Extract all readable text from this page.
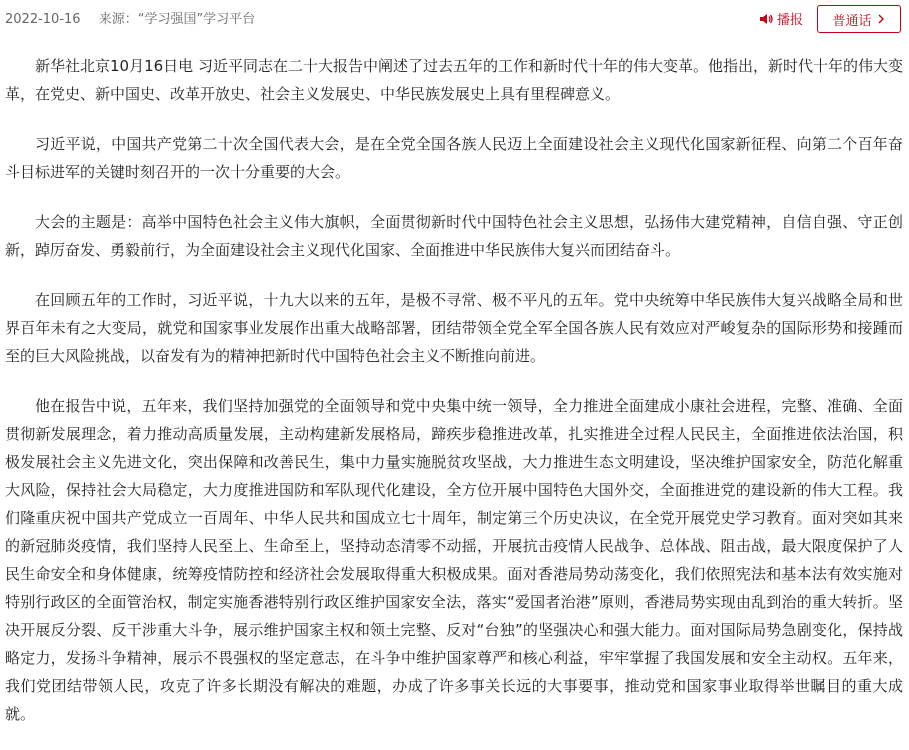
2022-10-16 来源：“学习强国”学习平台	播报 普通话

新华社北京10月16日电 习近平同志在二十大报告中阐述了过去五年的工作和新时代十年的伟大变革。他指出，新时代十年的伟大变革，在党史、新中国史、改革开放史、社会主义发展史、中华民族发展史上具有里程碑意义。

习近平说，中国共产党第二十次全国代表大会，是在全党全国各族人民迈上全面建设社会主义现代化国家新征程、向第二个百年奋斗目标进军的关键时刻召开的一次十分重要的大会。

大会的主题是：高举中国特色社会主义伟大旗帜，全面贯彻新时代中国特色社会主义思想，弘扬伟大建党精神，自信自强、守正创新，踔厉奋发、勇毅前行，为全面建设社会主义现代化国家、全面推进中华民族伟大复兴而团结奋斗。

在回顾五年的工作时，习近平说，十九大以来的五年，是极不寻常、极不平凡的五年。党中央统筹中华民族伟大复兴战略全局和世界百年未有之大变局，就党和国家事业发展作出重大战略部署，团结带领全党全军全国各族人民有效应对严峻复杂的国际形势和接踵而至的巨大风险挑战，以奋发有为的精神把新时代中国特色社会主义不断推向前进。

他在报告中说，五年来，我们坚持加强党的全面领导和党中央集中统一领导，全力推进全面建成小康社会进程，完整、准确、全面贯彻新发展理念，着力推动高质量发展，主动构建新发展格局，蹄疾步稳推进改革，扎实推进全过程人民民主，全面推进依法治国，积极发展社会主义先进文化，突出保障和改善民生，集中力量实施脱贫攻坚战，大力推进生态文明建设，坚决维护国家安全，防范化解重大风险，保持社会大局稳定，大力度推进国防和军队现代化建设，全方位开展中国特色大国外交，全面推进党的建设新的伟大工程。我们隆重庆祝中国共产党成立一百周年、中华人民共和国成立七十周年，制定第三个历史决议，在全党开展党史学习教育。面对突如其来的新冠肺炎疫情，我们坚持人民至上、生命至上，坚持动态清零不动摇，开展抗击疫情人民战争、总体战、阻击战，最大限度保护了人民生命安全和身体健康，统筹疫情防控和经济社会发展取得重大积极成果。面对香港局势动荡变化，我们依照宪法和基本法有效实施对特别行政区的全面管治权，制定实施香港特别行政区维护国家安全法，落实“爱国者治港”原则，香港局势实现由乱到治的重大转折。坚决开展反分裂、反干涉重大斗争，展示维护国家主权和领土完整、反对“台独”的坚强决心和强大能力。面对国际局势急剧变化，保持战略定力，发扬斗争精神，展示不畏强权的坚定意志，在斗争中维护国家尊严和核心利益，牢牢掌握了我国发展和安全主动权。五年来，我们党团结带领人民，攻克了许多长期没有解决的难题，办成了许多事关长远的大事要事，推动党和国家事业取得举世瞩目的重大成就。
